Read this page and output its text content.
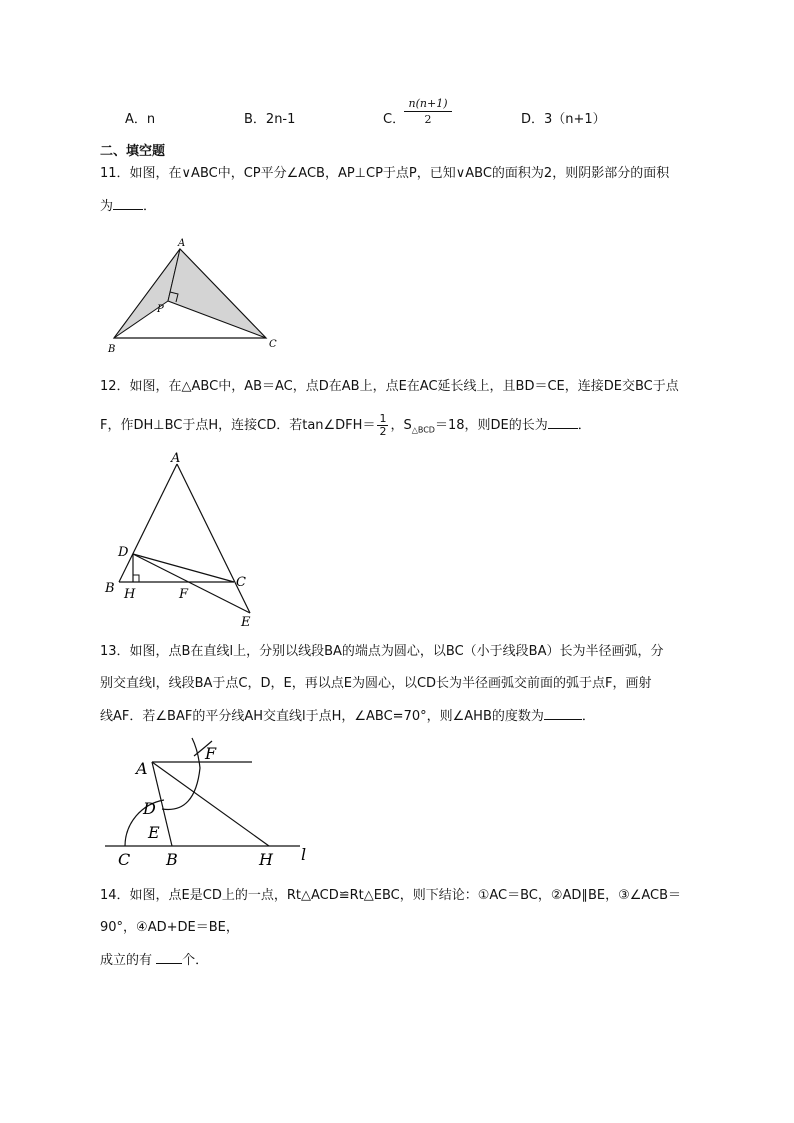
A．n	B．2n-1	C．
$\frac{n(n+1)}{2}$	D．3（n+1）
二、填空题
11．如图，在∨ABC中，CP平分∠ACB，AP⊥CP于点P，已知∨ABC的面积为2，则阴影部分的面积
为 ．
A
P
B	C
12．如图，在△ABC中，AB＝AC，点D在AB上，点E在AC延长线上，且BD＝CE，连接DE交BC于点
F，作DH⊥BC于点H，连接CD．若tan∠DFH＝ $\frac{1}{2}$ ，$S_{\triangle BCD}=18$，则DE的长为 ．
A
D
B H	F
C
E
13．如图，点B在直线l上，分别以线段BA的端点为圆心，以BC（小于线段BA）长为半径画弧，分
别交直线l，线段BA于点C，D，E，再以点E为圆心，以CD长为半径画弧交前面的弧于点F，画射
线AF．若∠BAF的平分线AH交直线l于点H，∠ABC=70°，则∠AHB的度数为	．
A
F
D
E
C B	H l
14．如图，点E是CD上的一点，Rt△ACD≌Rt△EBC，则下结论：①AC＝BC，②AD∥BE，③∠ACB＝
90°，④AD+DE＝BE，
成立的有 个．
